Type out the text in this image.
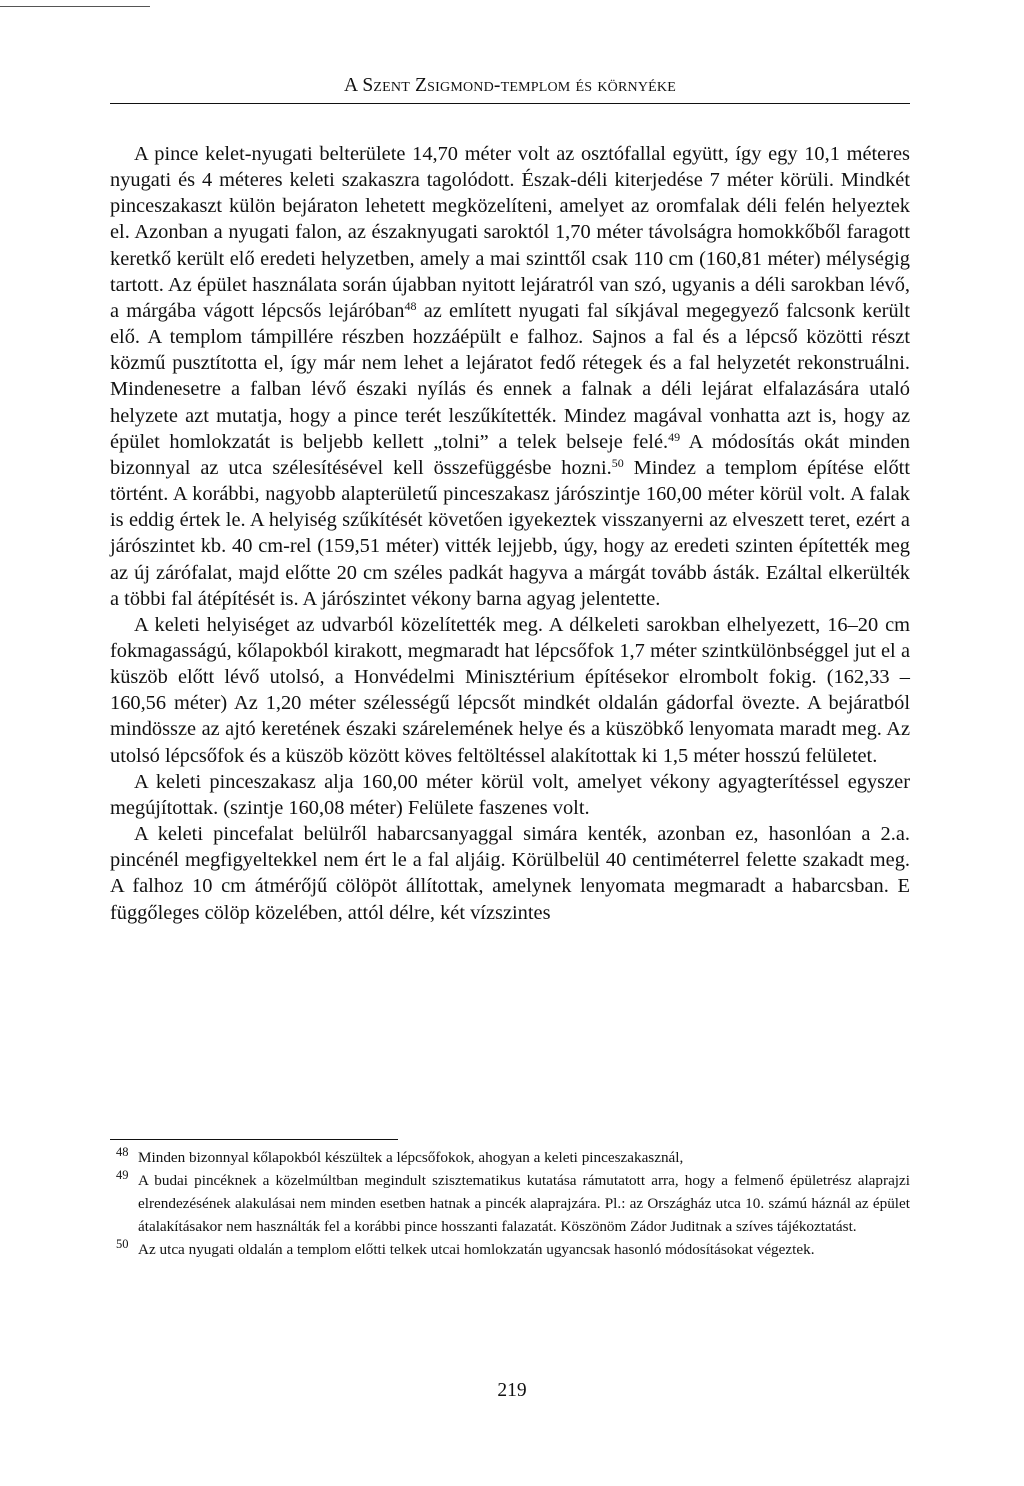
A Szent Zsigmond-templom és környéke

A pince kelet-nyugati belterülete 14,70 méter volt az osztófallal együtt, így egy 10,1 méteres nyugati és 4 méteres keleti szakaszra tagolódott. Észak-déli kiterjedése 7 méter körüli. Mindkét pinceszakaszt külön bejáraton lehetett megközelíteni, amelyet az oromfalak déli felén helyeztek el. Azonban a nyugati falon, az északnyugati saroktól 1,70 méter távolságra homokkőből faragott keretkő került elő eredeti helyzetben, amely a mai szinttől csak 110 cm (160,81 méter) mélységig tartott. Az épület használata során újabban nyitott lejáratról van szó, ugyanis a déli sarokban lévő, a márgába vágott lépcsős lejáróban$^{48}$ az említett nyugati fal síkjával megegyező falcsonk került elő. A templom támpillére részben hozzáépült e falhoz. Sajnos a fal és a lépcső közötti részt közmű pusztította el, így már nem lehet a lejáratot fedő rétegek és a fal helyzetét rekonstruálni. Mindenesetre a falban lévő északi nyílás és ennek a falnak a déli lejárat elfalazására utaló helyzete azt mutatja, hogy a pince terét leszűkítették. Mindez magával vonhatta azt is, hogy az épület homlokzatát is beljebb kellett „tolni” a telek belseje felé.$^{49}$ A módosítás okát minden bizonnyal az utca szélesítésével kell összefüggésbe hozni.$^{50}$ Mindez a templom építése előtt történt. A korábbi, nagyobb alapterületű pinceszakasz járószintje 160,00 méter körül volt. A falak is eddig értek le. A helyiség szűkítését követően igyekeztek visszanyerni az elveszett teret, ezért a járószintet kb. 40 cm-rel (159,51 méter) vitték lejjebb, úgy, hogy az eredeti szinten építették meg az új zárófalat, majd előtte 20 cm széles padkát hagyva a márgát tovább ásták. Ezáltal elkerülték a többi fal átépítését is. A járószintet vékony barna agyag jelentette.

A keleti helyiséget az udvarból közelítették meg. A délkeleti sarokban elhelyezett, 16–20 cm fokmagasságú, kőlapokból kirakott, megmaradt hat lépcsőfok 1,7 méter szintkülönbséggel jut el a küszöb előtt lévő utolsó, a Honvédelmi Minisztérium építésekor elrombolt fokig. (162,33 –160,56 méter) Az 1,20 méter szélességű lépcsőt mindkét oldalán gádorfal övezte. A bejáratból mindössze az ajtó keretének északi szárelemének helye és a küszöbkő lenyomata maradt meg. Az utolsó lépcsőfok és a küszöb között köves feltöltéssel alakítottak ki 1,5 méter hosszú felületet.

A keleti pinceszakasz alja 160,00 méter körül volt, amelyet vékony agyagterítéssel egyszer megújítottak. (szintje 160,08 méter) Felülete faszenes volt.

A keleti pincefalat belülről habarcsanyaggal simára kenték, azonban ez, hasonlóan a 2.a. pincénél megfigyeltekkel nem ért le a fal aljáig. Körülbelül 40 centiméterrel felette szakadt meg. A falhoz 10 cm átmérőjű cölöpöt állítottak, amelynek lenyomata megmaradt a habarcsban. E függőleges cölöp közelében, attól délre, két vízszintes

48 Minden bizonnyal kőlapokból készültek a lépcsőfokok, ahogyan a keleti pinceszakasznál,
49 A budai pincéknek a közelmúltban megindult szisztematikus kutatása rámutatott arra, hogy a felmenő épületrész alaprajzi elrendezésének alakulásai nem minden esetben hatnak a pincék alaprajzára. Pl.: az Országház utca 10. számú háznál az épület átalakításakor nem használták fel a korábbi pince hosszanti falazatát. Köszönöm Zádor Juditnak a szíves tájékoztatást.
50 Az utca nyugati oldalán a templom előtti telkek utcai homlokzatán ugyancsak hasonló módosításokat végeztek.
219
